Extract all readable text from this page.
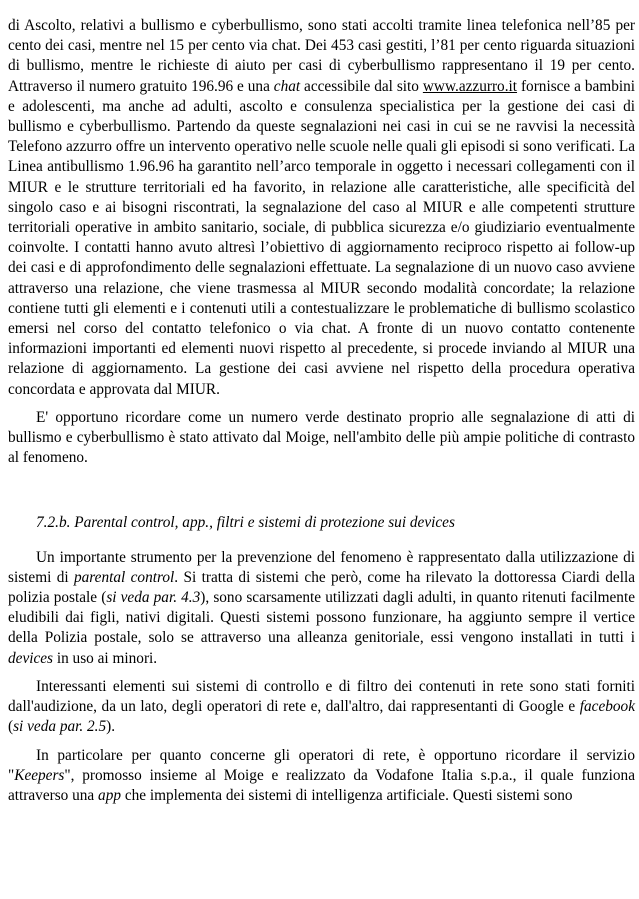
di Ascolto, relativi a bullismo e cyberbullismo, sono stati accolti tramite linea telefonica nell’85 per cento dei casi, mentre nel 15 per cento via chat. Dei 453 casi gestiti, l’81 per cento riguarda situazioni di bullismo, mentre le richieste di aiuto per casi di cyberbullismo rappresentano il 19 per cento. Attraverso il numero gratuito 196.96 e una chat accessibile dal sito www.azzurro.it fornisce a bambini e adolescenti, ma anche ad adulti, ascolto e consulenza specialistica per la gestione dei casi di bullismo e cyberbullismo. Partendo da queste segnalazioni nei casi in cui se ne ravvisi la necessità Telefono azzurro offre un intervento operativo nelle scuole nelle quali gli episodi si sono verificati. La Linea antibullismo 1.96.96 ha garantito nell’arco temporale in oggetto i necessari collegamenti con il MIUR e le strutture territoriali ed ha favorito, in relazione alle caratteristiche, alle specificità del singolo caso e ai bisogni riscontrati, la segnalazione del caso al MIUR e alle competenti strutture territoriali operative in ambito sanitario, sociale, di pubblica sicurezza e/o giudiziario eventualmente coinvolte. I contatti hanno avuto altresì l’obiettivo di aggiornamento reciproco rispetto ai follow-up dei casi e di approfondimento delle segnalazioni effettuate. La segnalazione di un nuovo caso avviene attraverso una relazione, che viene trasmessa al MIUR secondo modalità concordate; la relazione contiene tutti gli elementi e i contenuti utili a contestualizzare le problematiche di bullismo scolastico emersi nel corso del contatto telefonico o via chat. A fronte di un nuovo contatto contenente informazioni importanti ed elementi nuovi rispetto al precedente, si procede inviando al MIUR una relazione di aggiornamento. La gestione dei casi avviene nel rispetto della procedura operativa concordata e approvata dal MIUR.

E' opportuno ricordare come un numero verde destinato proprio alle segnalazione di atti di bullismo e cyberbullismo è stato attivato dal Moige, nell'ambito delle più ampie politiche di contrasto al fenomeno.

7.2.b. Parental control, app., filtri e sistemi di protezione sui devices

Un importante strumento per la prevenzione del fenomeno è rappresentato dalla utilizzazione di sistemi di parental control. Si tratta di sistemi che però, come ha rilevato la dottoressa Ciardi della polizia postale (si veda par. 4.3), sono scarsamente utilizzati dagli adulti, in quanto ritenuti facilmente eludibili dai figli, nativi digitali. Questi sistemi possono funzionare, ha aggiunto sempre il vertice della Polizia postale, solo se attraverso una alleanza genitoriale, essi vengono installati in tutti i devices in uso ai minori.

Interessanti elementi sui sistemi di controllo e di filtro dei contenuti in rete sono stati forniti dall'audizione, da un lato, degli operatori di rete e, dall'altro, dai rappresentanti di Google e facebook (si veda par. 2.5).

In particolare per quanto concerne gli operatori di rete, è opportuno ricordare il servizio "Keepers", promosso insieme al Moige e realizzato da Vodafone Italia s.p.a., il quale funziona attraverso una app che implementa dei sistemi di intelligenza artificiale. Questi sistemi sono
